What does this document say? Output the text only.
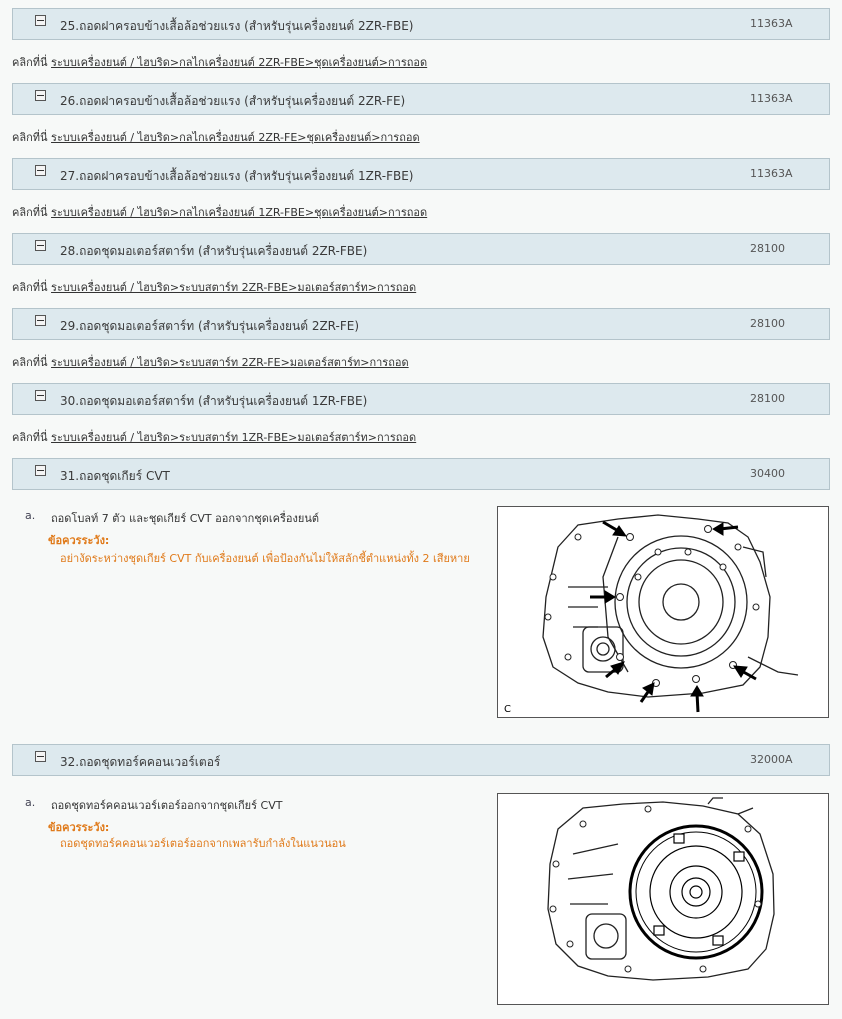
25.ถอดฝาครอบข้างเสื้อล้อช่วยแรง (สำหรับรุ่นเครื่องยนต์ 2ZR-FBE)	11363A
คลิกที่นี่ ระบบเครื่องยนต์ / ไฮบริด>กลไกเครื่องยนต์ 2ZR-FBE>ชุดเครื่องยนต์>การถอด
26.ถอดฝาครอบข้างเสื้อล้อช่วยแรง (สำหรับรุ่นเครื่องยนต์ 2ZR-FE)	11363A
คลิกที่นี่ ระบบเครื่องยนต์ / ไฮบริด>กลไกเครื่องยนต์ 2ZR-FE>ชุดเครื่องยนต์>การถอด
27.ถอดฝาครอบข้างเสื้อล้อช่วยแรง (สำหรับรุ่นเครื่องยนต์ 1ZR-FBE)	11363A
คลิกที่นี่ ระบบเครื่องยนต์ / ไฮบริด>กลไกเครื่องยนต์ 1ZR-FBE>ชุดเครื่องยนต์>การถอด
28.ถอดชุดมอเตอร์สตาร์ท (สำหรับรุ่นเครื่องยนต์ 2ZR-FBE)	28100
คลิกที่นี่ ระบบเครื่องยนต์ / ไฮบริด>ระบบสตาร์ท 2ZR-FBE>มอเตอร์สตาร์ท>การถอด
29.ถอดชุดมอเตอร์สตาร์ท (สำหรับรุ่นเครื่องยนต์ 2ZR-FE)	28100
คลิกที่นี่ ระบบเครื่องยนต์ / ไฮบริด>ระบบสตาร์ท 2ZR-FE>มอเตอร์สตาร์ท>การถอด
30.ถอดชุดมอเตอร์สตาร์ท (สำหรับรุ่นเครื่องยนต์ 1ZR-FBE)	28100
คลิกที่นี่ ระบบเครื่องยนต์ / ไฮบริด>ระบบสตาร์ท 1ZR-FBE>มอเตอร์สตาร์ท>การถอด
31.ถอดชุดเกียร์ CVT	30400
a. ถอดโบลท์ 7 ตัว และชุดเกียร์ CVT ออกจากชุดเครื่องยนต์
ข้อควรระวัง:
อย่างัดระหว่างชุดเกียร์ CVT กับเครื่องยนต์ เพื่อป้องกันไม่ให้สลักชี้ตำแหน่งทั้ง 2 เสียหาย
C
32.ถอดชุดทอร์คคอนเวอร์เตอร์	32000A
a. ถอดชุดทอร์คคอนเวอร์เตอร์ออกจากชุดเกียร์ CVT
ข้อควรระวัง:
ถอดชุดทอร์คคอนเวอร์เตอร์ออกจากเพลารับกำลังในแนวนอน
